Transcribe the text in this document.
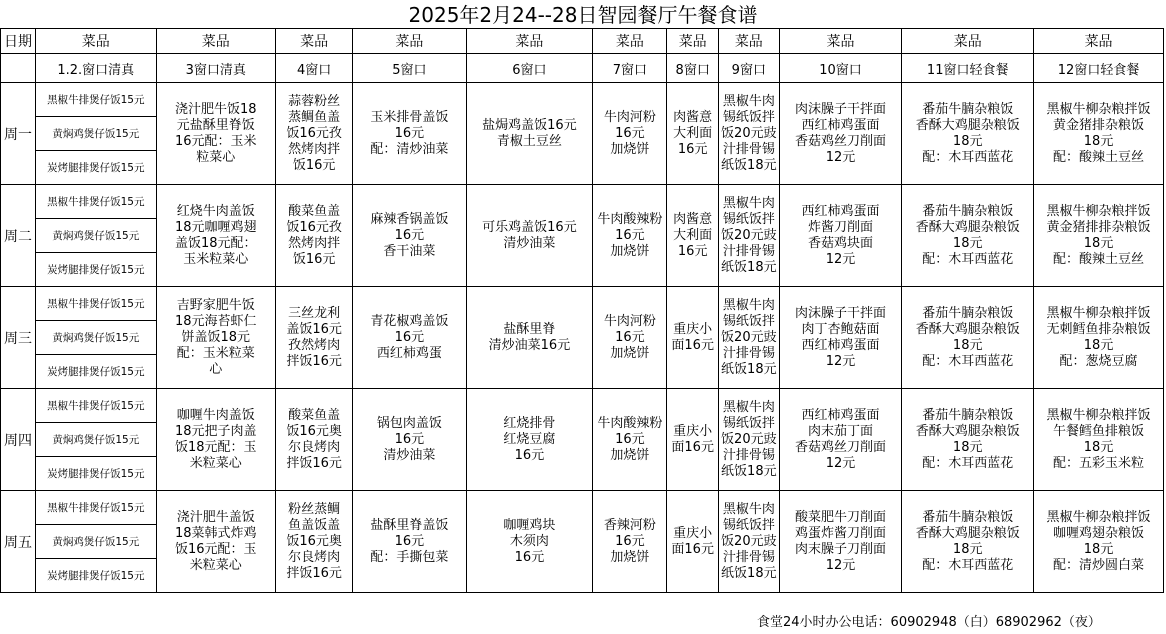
2025年2月24--28日智园餐厅午餐食谱
日期	菜品	菜品	菜品	菜品	菜品	菜品	菜品	菜品	菜品	菜品	菜品
	1.2.窗口清真	3窗口清真	4窗口	5窗口	6窗口	7窗口	8窗口	9窗口	10窗口	11窗口轻食餐	12窗口轻食餐
周一	黑椒牛排煲仔饭15元	浇汁肥牛饭18
元盐酥里脊饭
16元配：玉米
粒菜心	蒜蓉粉丝
蒸鲷鱼盖
饭16元孜
然烤肉拌
饭16元	玉米排骨盖饭
16元
配：清炒油菜	盐焗鸡盖饭16元
青椒土豆丝	牛肉河粉
16元
加烧饼	肉酱意
大利面
16元	黑椒牛肉
锡纸饭拌
饭20元豉
汁排骨锡
纸饭18元	肉沫臊子干拌面
西红柿鸡蛋面
香菇鸡丝刀削面
12元	番茄牛腩杂粮饭
香酥大鸡腿杂粮饭
18元
配：木耳西蓝花	黑椒牛柳杂粮拌饭
黄金猪排杂粮饭
18元
配：酸辣土豆丝

	黄焖鸡煲仔饭15元										
	炭烤腿排煲仔饭15元										
周二	黑椒牛排煲仔饭15元	红烧牛肉盖饭
18元咖喱鸡翅
盖饭18元配：
玉米粒菜心	酸菜鱼盖
饭16元孜
然烤肉拌
饭16元	麻辣香锅盖饭
16元
香干油菜	可乐鸡盖饭16元
清炒油菜	牛肉酸辣粉
16元
加烧饼	肉酱意
大利面
16元	黑椒牛肉
锡纸饭拌
饭20元豉
汁排骨锡
纸饭18元	西红柿鸡蛋面
炸酱刀削面
香菇鸡块面
12元	番茄牛腩杂粮饭
香酥大鸡腿杂粮饭
18元
配：木耳西蓝花	黑椒牛柳杂粮拌饭
黄金猪排排杂粮饭
18元
配：酸辣土豆丝

	黄焖鸡煲仔饭15元										
	炭烤腿排煲仔饭15元										
周三	黑椒牛排煲仔饭15元	吉野家肥牛饭
18元海苔虾仁
饼盖饭18元
配：玉米粒菜
心	三丝龙利
盖饭16元
孜然烤肉
拌饭16元	青花椒鸡盖饭
16元
西红柿鸡蛋	盐酥里脊
清炒油菜16元	牛肉河粉
16元
加烧饼	重庆小
面16元	黑椒牛肉
锡纸饭拌
饭20元豉
汁排骨锡
纸饭18元	肉沫臊子干拌面
肉丁杏鲍菇面
西红柿鸡蛋面
12元	番茄牛腩杂粮饭
香酥大鸡腿杂粮饭
18元
配：木耳西蓝花	黑椒牛柳杂粮拌饭
无刺鳕鱼排杂粮饭
18元
配：葱烧豆腐

	黄焖鸡煲仔饭15元										
	炭烤腿排煲仔饭15元										
周四	黑椒牛排煲仔饭15元	咖喱牛肉盖饭
18元把子肉盖
饭18元配：玉
米粒菜心	酸菜鱼盖
饭16元奥
尔良烤肉
拌饭16元	锅包肉盖饭
16元
清炒油菜	红烧排骨
红烧豆腐
16元	牛肉酸辣粉
16元
加烧饼	重庆小
面16元	黑椒牛肉
锡纸饭拌
饭20元豉
汁排骨锡
纸饭18元	西红柿鸡蛋面
肉末茄丁面
香菇鸡丝刀削面
12元	番茄牛腩杂粮饭
香酥大鸡腿杂粮饭
18元
配：木耳西蓝花	黑椒牛柳杂粮拌饭
午餐鳕鱼排粮饭
18元
配：五彩玉米粒

	黄焖鸡煲仔饭15元										
	炭烤腿排煲仔饭15元										
周五	黑椒牛排煲仔饭15元	浇汁肥牛盖饭
18菜韩式炸鸡
饭16元配：玉
米粒菜心	粉丝蒸鲷
鱼盖饭盖
饭16元奥
尔良烤肉
拌饭16元	盐酥里脊盖饭
16元
配：手撕包菜	咖喱鸡块
木须肉
16元	香辣河粉
16元
加烧饼	重庆小
面16元	黑椒牛肉
锡纸饭拌
饭20元豉
汁排骨锡
纸饭18元	酸菜肥牛刀削面
鸡蛋炸酱刀削面
肉末臊子刀削面
12元	番茄牛腩杂粮饭
香酥大鸡腿杂粮饭
18元
配：木耳西蓝花	黑椒牛柳杂粮拌饭
咖喱鸡翅杂粮饭
18元
配：清炒圆白菜

	黄焖鸡煲仔饭15元										
	炭烤腿排煲仔饭15元										
食堂24小时办公电话：60902948（白）68902962（夜）
